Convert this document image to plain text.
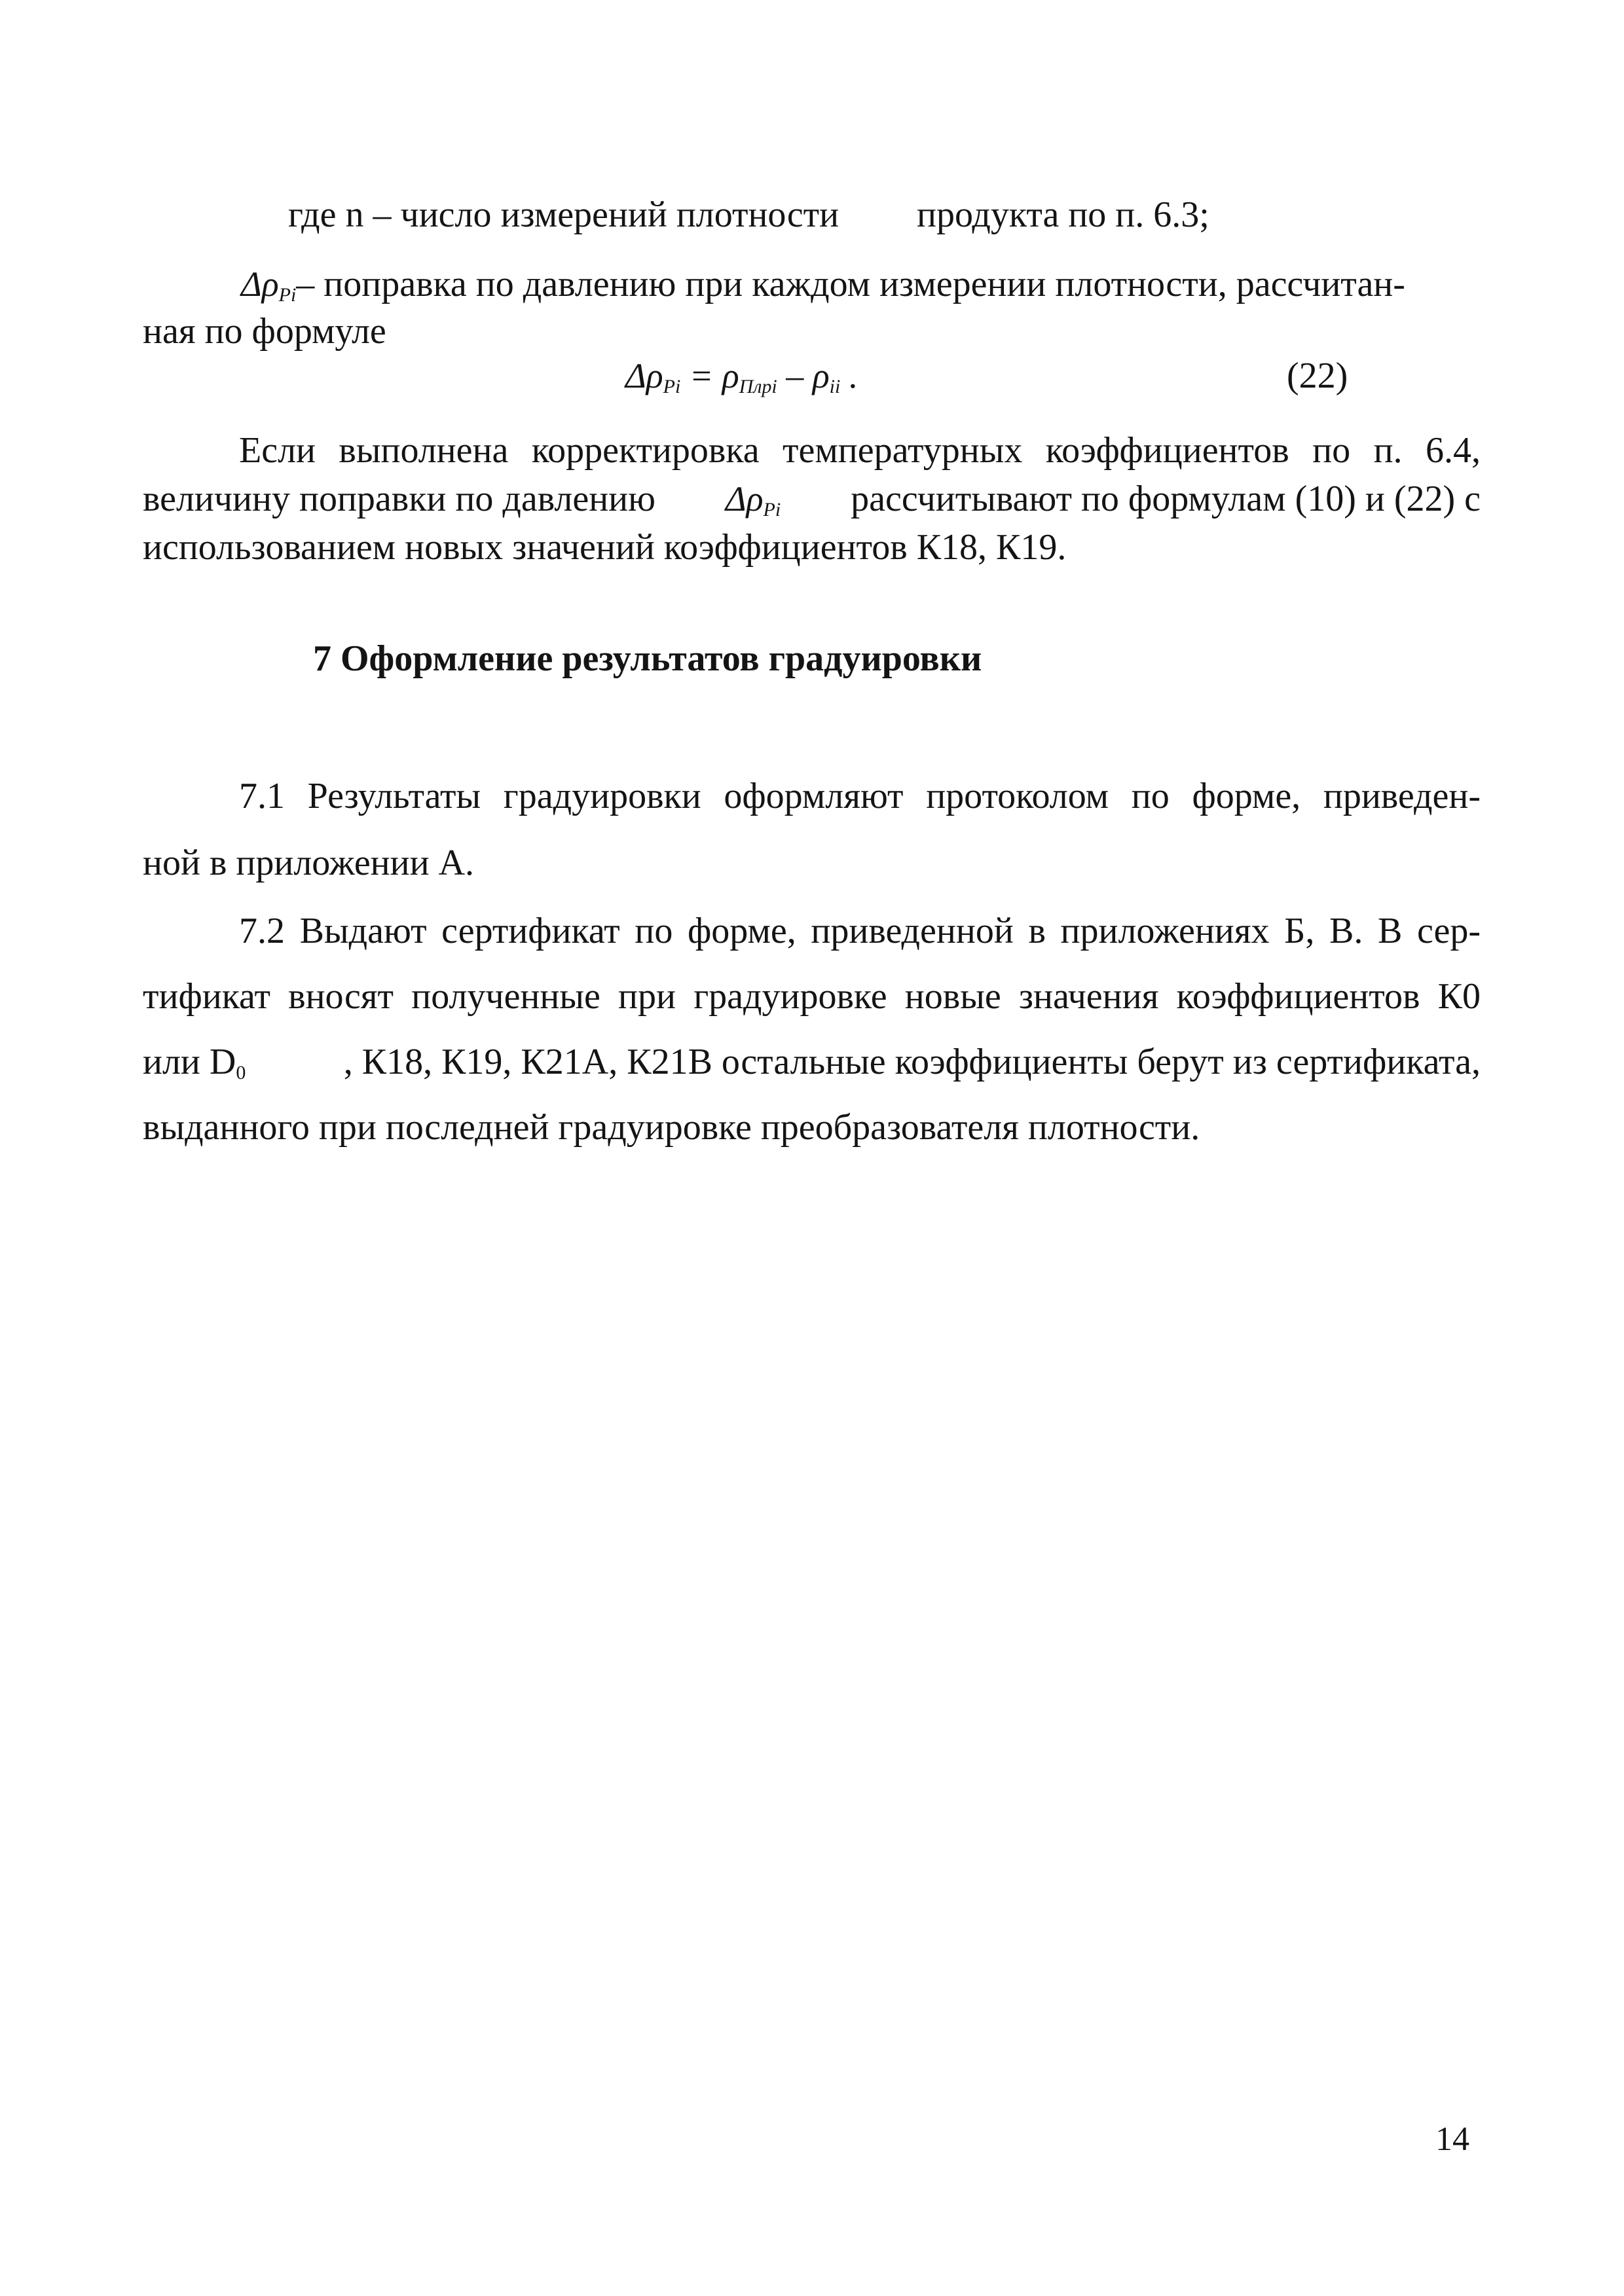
где n – число измерений плотности продукта по п. 6.3;
$\Delta\rho_{Pi}-$ поправка по давлению при каждом измерении плотности, рассчитан-
ная по формуле
$\Delta\rho_{Pi} = \rho_{Плрi} - \rho_{ii}$ .	(22)
Если выполнена корректировка температурных коэффициентов по п. 6.4,
величину поправки по давлению $\Delta\rho_{Pi}$ рассчитывают по формулам (10) и (22) с
использованием новых значений коэффициентов К18, К19.
7 Оформление результатов градуировки
7.1 Результаты градуировки оформляют протоколом по форме, приведен-
ной в приложении А.
7.2 Выдают сертификат по форме, приведенной в приложениях Б, В. В сер-
тификат вносят полученные при градуировке новые значения коэффициентов К0
или $D_0$	, К18, К19, К21А, К21В остальные коэффициенты берут из сертификата,
выданного при последней градуировке преобразователя плотности.
14
